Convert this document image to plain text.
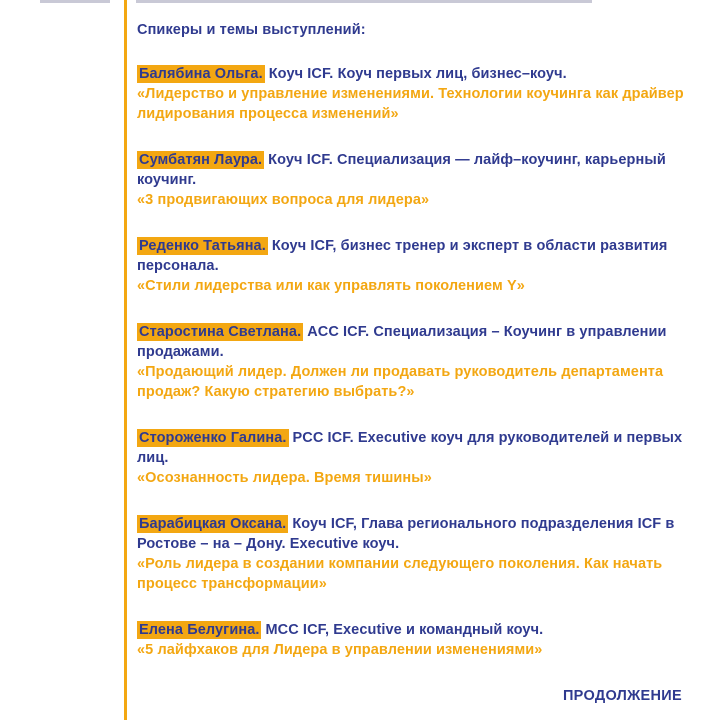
Спикеры и темы выступлений:
Балябина Ольга. Коуч ICF. Коуч первых лиц, бизнес–коуч.
«Лидерство и управление изменениями. Технологии коучинга как драйвер лидирования процесса изменений»
Сумбатян Лаура. Коуч ICF. Специализация — лайф–коучинг, карьерный коучинг.
«3 продвигающих вопроса для лидера»
Реденко Татьяна. Коуч ICF, бизнес тренер и эксперт в области развития персонала.
«Стили лидерства или как управлять поколением Y»
Старостина Светлана. ACC ICF. Специализация – Коучинг в управлении продажами.
«Продающий лидер. Должен ли продавать руководитель департамента продаж? Какую стратегию выбрать?»
Стороженко Галина. PCC ICF. Executive коуч для руководителей и первых лиц.
«Осознанность лидера. Время тишины»
Барабицкая Оксана. Коуч ICF, Глава регионального подразделения ICF в Ростове – на – Дону. Executive коуч.
«Роль лидера в создании компании следующего поколения. Как начать процесс трансформации»
Елена Белугина. MCC ICF, Executive и командный коуч.
«5 лайфхаков для Лидера в управлении изменениями»
ПРОДОЛЖЕНИЕ
